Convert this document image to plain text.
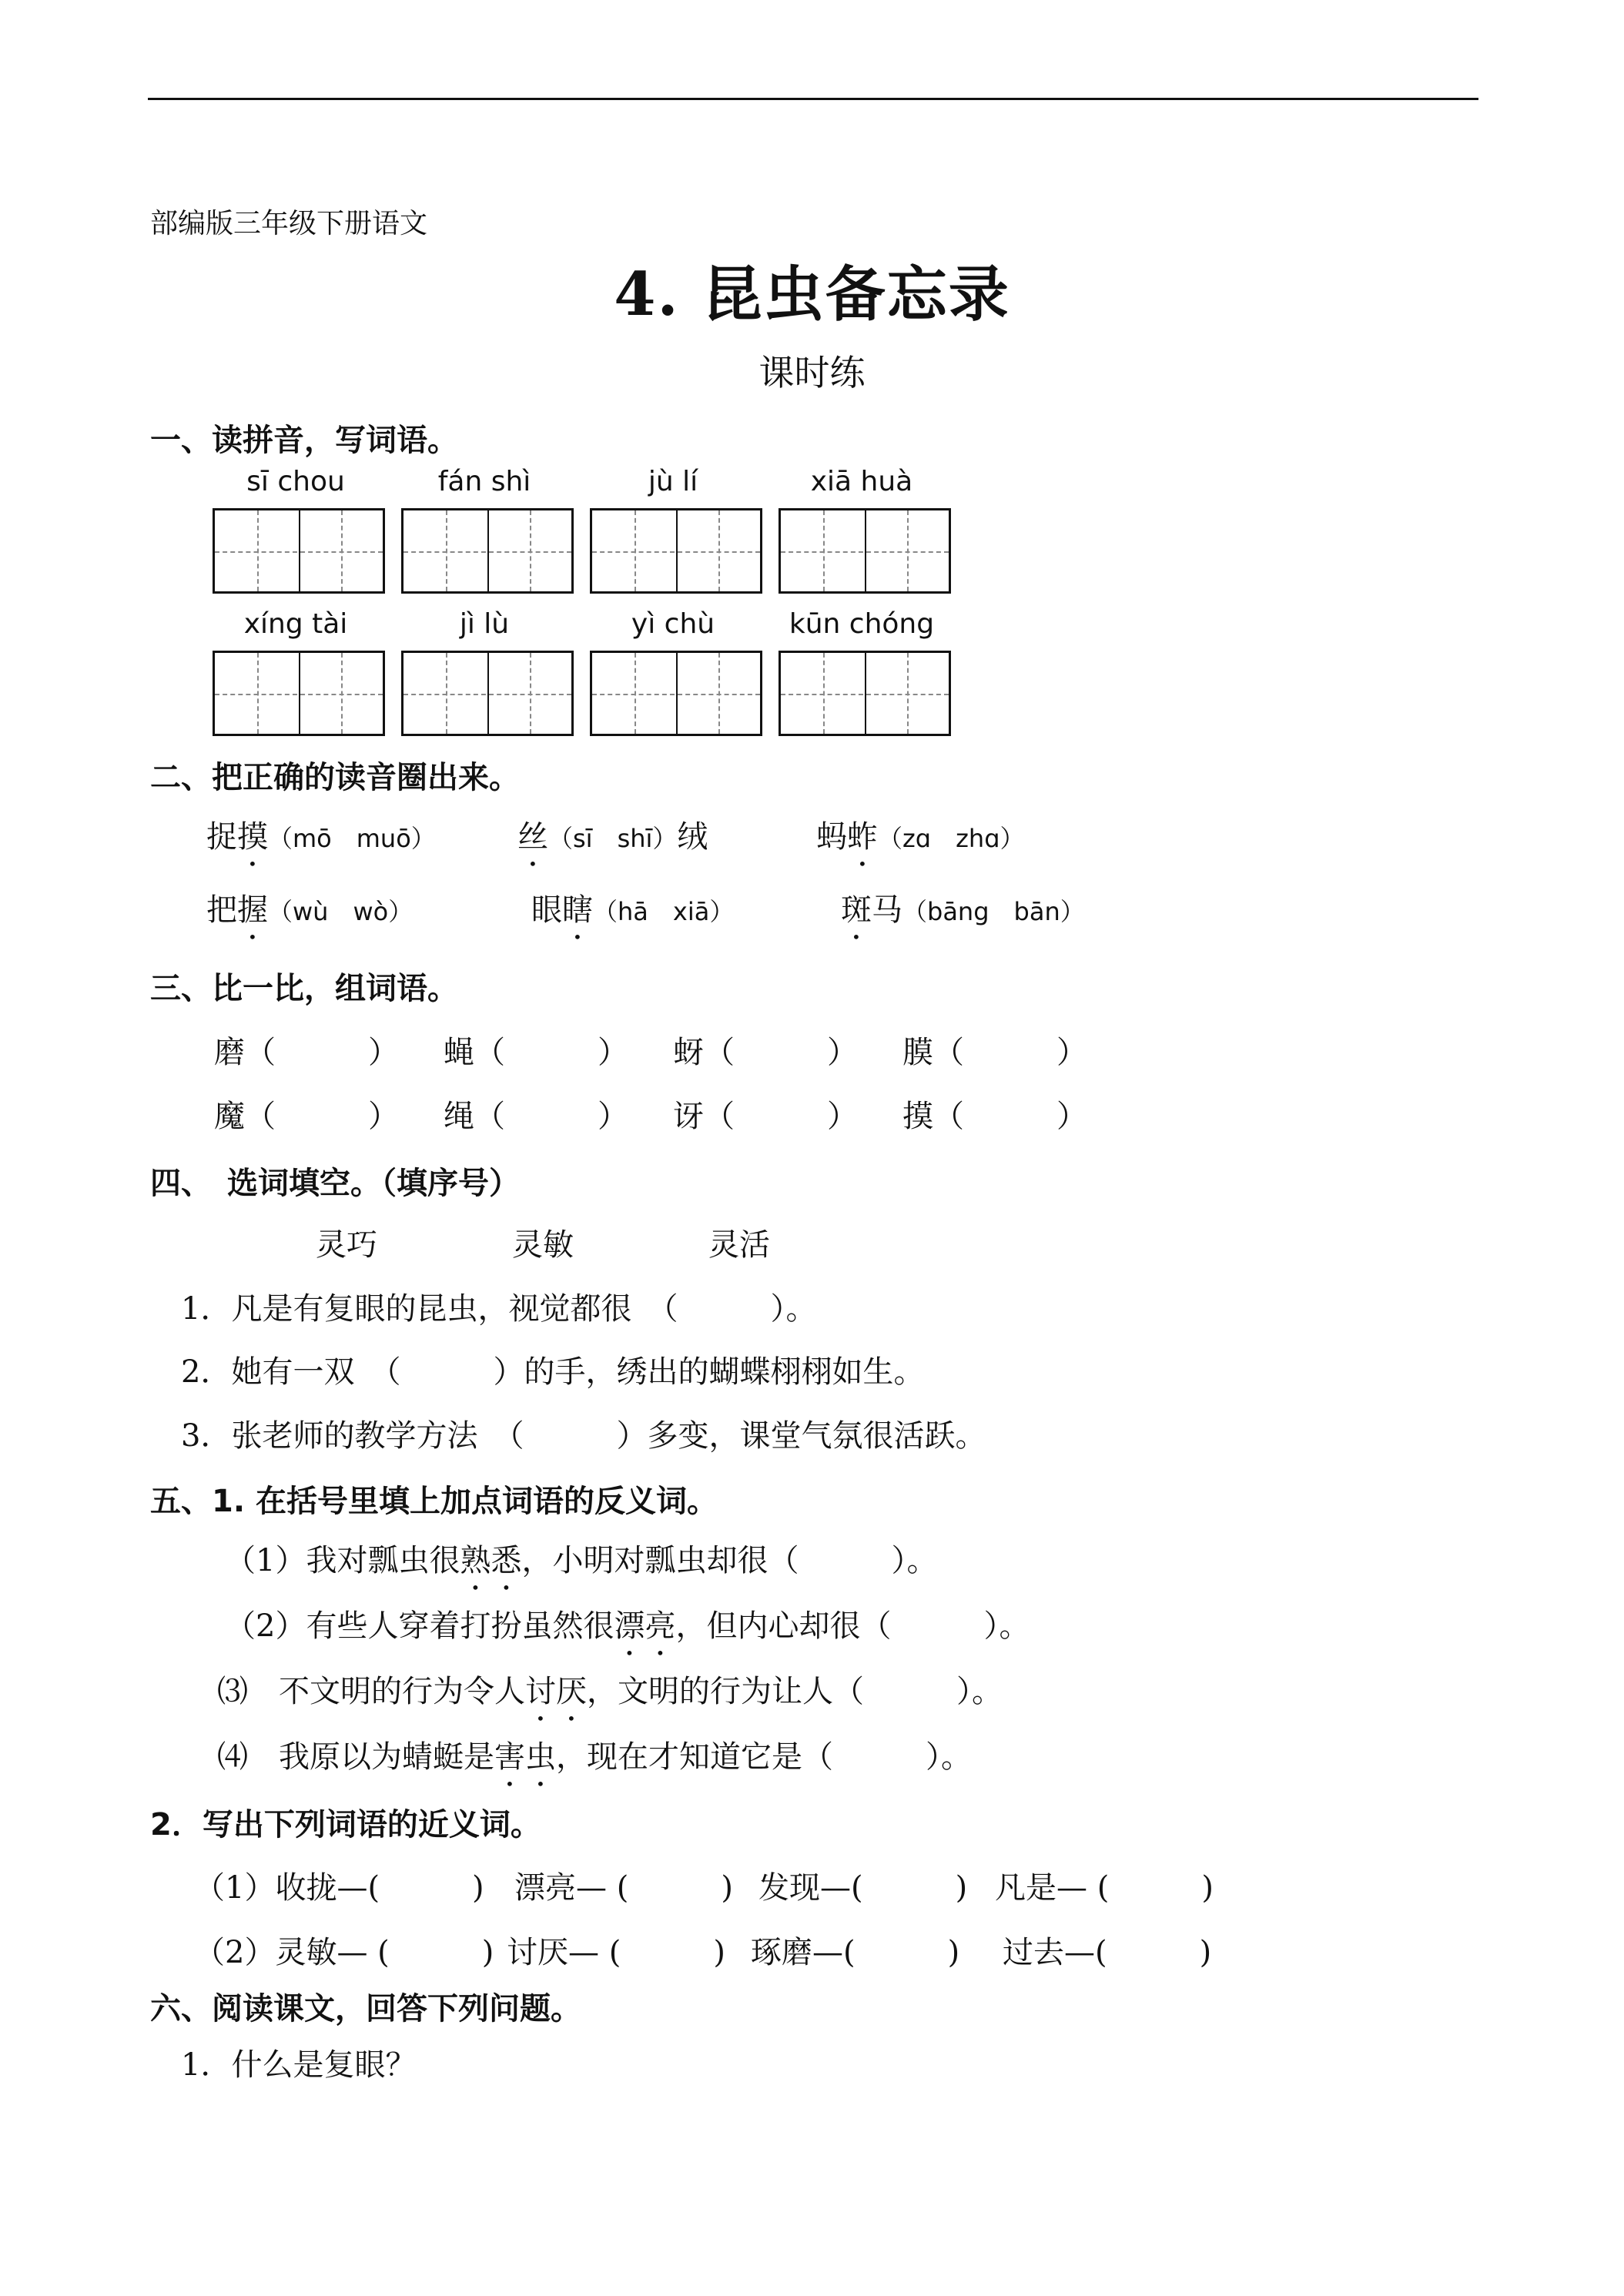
部编版三年级下册语文
4. 昆虫备忘录
课时练
一、读拼音，写词语。
sī chou	fán shì	jù lí	xiā huà
xíng tài	jì lù	yì chù	kūn chóng
二、把正确的读音圈出来。
捉摸（mō　muō）	丝（sī　shī）绒	蚂蚱（zɑ　zhɑ）
把握（wù　wò）	眼瞎（hā　xiā）	斑马（bāng　bān）
三、比一比，组词语。
磨（　　　） 蝇（　　　） 蚜（　　　） 膜（　　　）
魔（　　　） 绳（　　　） 讶（　　　） 摸（　　　）
四、　选词填空。（填序号）
灵巧	灵敏	灵活
1．凡是有复眼的昆虫，视觉都很　（　　　）。
2．她有一双　（　　　）的手，绣出的蝴蝶栩栩如生。
3．张老师的教学方法　（　　　）多变，课堂气氛很活跃。
五、1. 在括号里填上加点词语的反义词。
（1）我对瓢虫很熟悉，小明对瓢虫却很（　　　）。
（2）有些人穿着打扮虽然很漂亮，但内心却很（　　　）。
⑶　不文明的行为令人讨厌，文明的行为让人（　　　）。
⑷　我原以为蜻蜓是害虫，现在才知道它是（　　　）。
2．写出下列词语的近义词。
（1）收拢—(　　　) 漂亮— (　　　) 发现—(　　　) 凡是— (　　　)
（2）灵敏— (　　　) 讨厌— (　　　) 琢磨—(　　　) 过去—(　　　)
六、阅读课文，回答下列问题。
1．什么是复眼？
